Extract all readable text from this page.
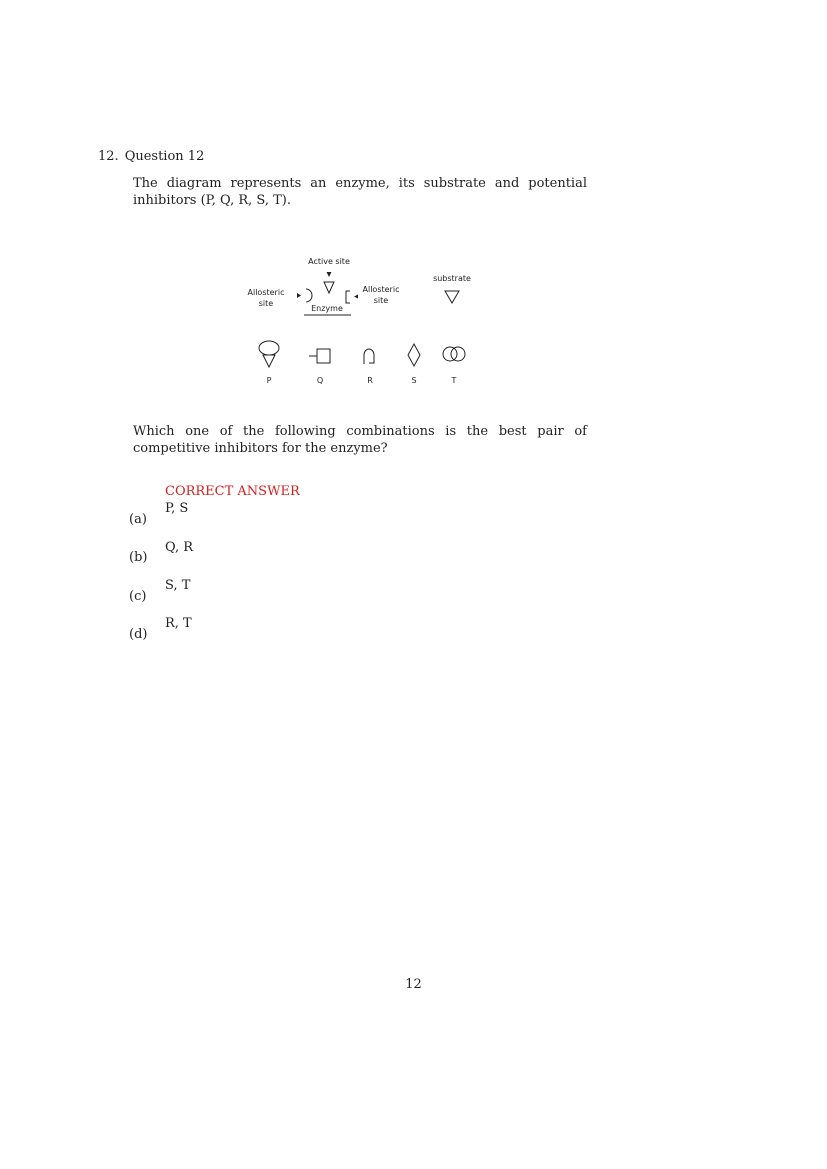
12. Question 12
The diagram represents an enzyme, its substrate and potential inhibitors (P, Q, R, S, T).
Active site
Allosteric
site
Allosteric
site
Enzyme
substrate
P	Q	R	S	T
Which one of the following combinations is the best pair of competitive inhibitors for the enzyme?
CORRECT ANSWER
(a)
P, S
(b)
Q, R
(c)
S, T
(d)
R, T
12
